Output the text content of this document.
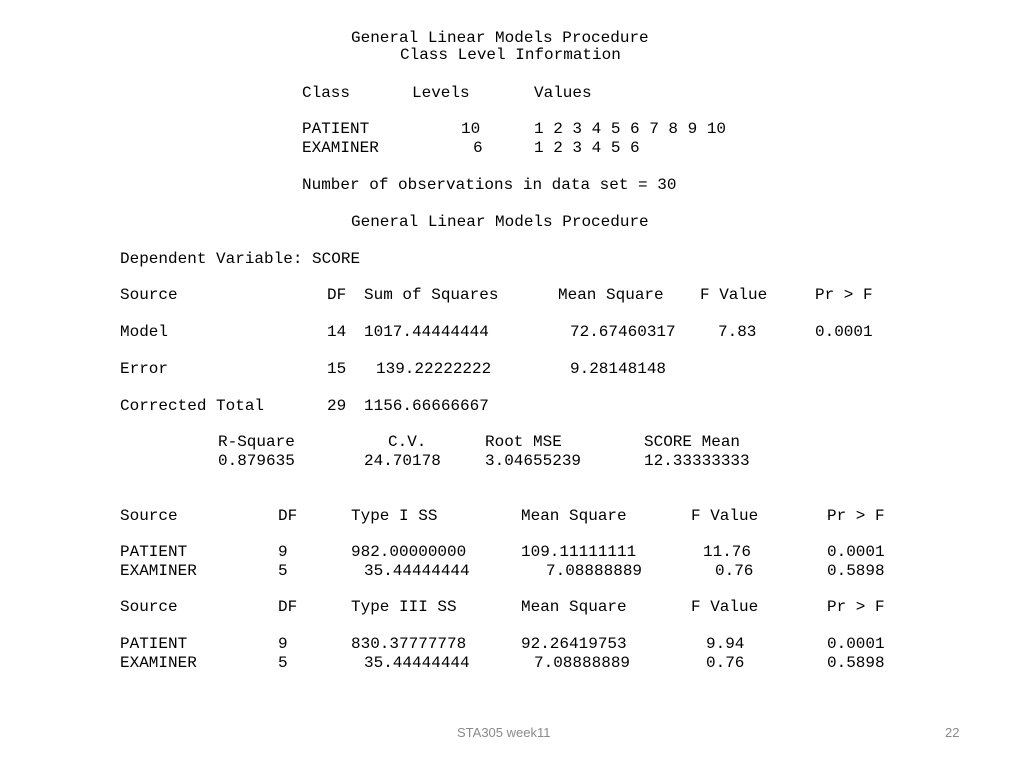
General Linear Models Procedure
Class Level Information
Class	Levels	Values
PATIENT	10	1 2 3 4 5 6 7 8 9 10
EXAMINER	6	1 2 3 4 5 6
Number of observations in data set = 30
General Linear Models Procedure
Dependent Variable: SCORE
Source	DF Sum of Squares	Mean Square F Value	Pr > F
Model	14 1017.44444444	72.67460317	7.83	0.0001
Error	15 139.22222222	9.28148148
Corrected Total	29 1156.66666667
R-Square	C.V.	Root MSE	SCORE Mean
0.879635	24.70178	3.04655239	12.33333333
Source	DF	Type I SS	Mean Square	F Value	Pr > F
PATIENT	9	982.00000000	109.11111111	11.76	0.0001
EXAMINER	5	35.44444444	7.08888889	0.76	0.5898
Source	DF	Type III SS	Mean Square	F Value	Pr > F
PATIENT	9	830.37777778	92.26419753	9.94	0.0001
EXAMINER	5	35.44444444	7.08888889	0.76	0.5898
STA305 week11	22
